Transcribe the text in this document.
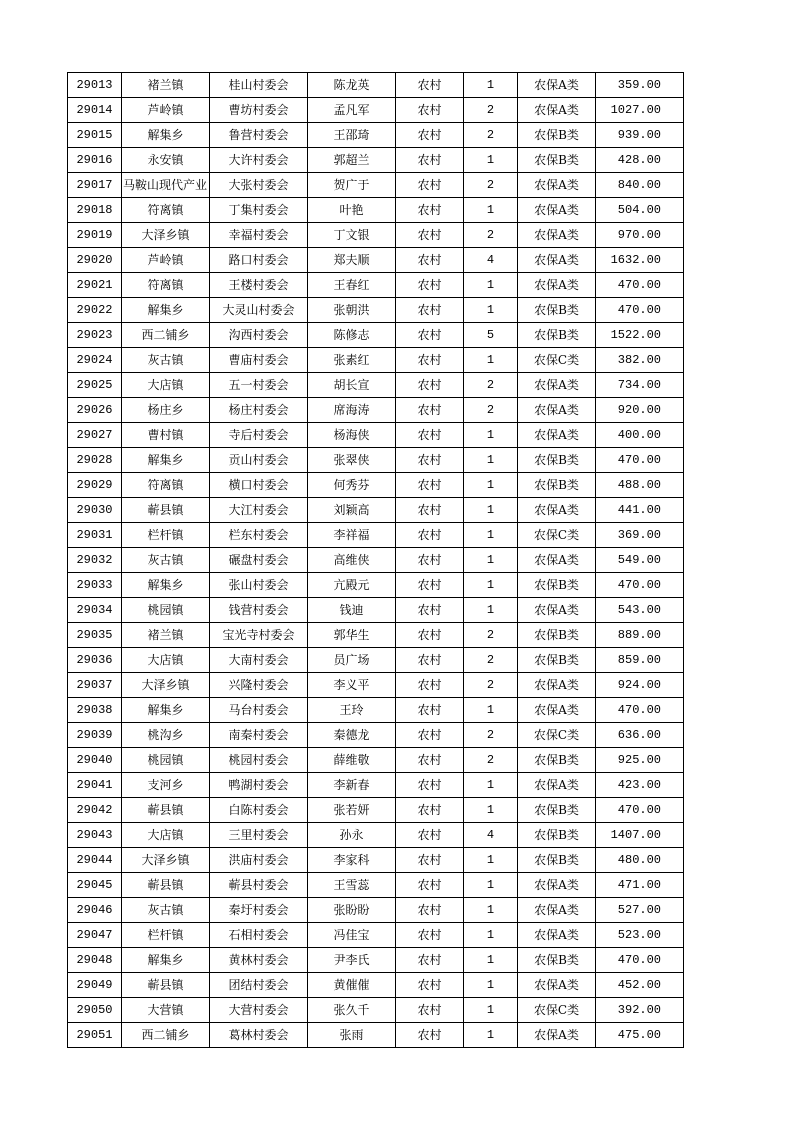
29013	褚兰镇	桂山村委会	陈龙英	农村	1	农保A类	359.00
29014	芦岭镇	曹坊村委会	孟凡军	农村	2	农保A类	1027.00
29015	解集乡	鲁营村委会	王邵琦	农村	2	农保B类	939.00
29016	永安镇	大许村委会	郭超兰	农村	1	农保B类	428.00
29017	马鞍山现代产业	大张村委会	贺广于	农村	2	农保A类	840.00
29018	符离镇	丁集村委会	叶艳	农村	1	农保A类	504.00
29019	大泽乡镇	幸福村委会	丁文银	农村	2	农保A类	970.00
29020	芦岭镇	路口村委会	郑夫顺	农村	4	农保A类	1632.00
29021	符离镇	王楼村委会	王春红	农村	1	农保A类	470.00
29022	解集乡	大灵山村委会	张朝洪	农村	1	农保B类	470.00
29023	西二铺乡	沟西村委会	陈修志	农村	5	农保B类	1522.00
29024	灰古镇	曹庙村委会	张素红	农村	1	农保C类	382.00
29025	大店镇	五一村委会	胡长宣	农村	2	农保A类	734.00
29026	杨庄乡	杨庄村委会	席海涛	农村	2	农保A类	920.00
29027	曹村镇	寺后村委会	杨海侠	农村	1	农保A类	400.00
29028	解集乡	贡山村委会	张翠侠	农村	1	农保B类	470.00
29029	符离镇	横口村委会	何秀芬	农村	1	农保B类	488.00
29030	蕲县镇	大江村委会	刘颖高	农村	1	农保A类	441.00
29031	栏杆镇	栏东村委会	李祥福	农村	1	农保C类	369.00
29032	灰古镇	碾盘村委会	高维侠	农村	1	农保A类	549.00
29033	解集乡	张山村委会	亢殿元	农村	1	农保B类	470.00
29034	桃园镇	钱营村委会	钱迪	农村	1	农保A类	543.00
29035	褚兰镇	宝光寺村委会	郭华生	农村	2	农保B类	889.00
29036	大店镇	大南村委会	员广场	农村	2	农保B类	859.00
29037	大泽乡镇	兴隆村委会	李义平	农村	2	农保A类	924.00
29038	解集乡	马台村委会	王玲	农村	1	农保A类	470.00
29039	桃沟乡	南秦村委会	秦德龙	农村	2	农保C类	636.00
29040	桃园镇	桃园村委会	薛维敬	农村	2	农保B类	925.00
29041	支河乡	鸭湖村委会	李新春	农村	1	农保A类	423.00
29042	蕲县镇	白陈村委会	张若妍	农村	1	农保B类	470.00
29043	大店镇	三里村委会	孙永	农村	4	农保B类	1407.00
29044	大泽乡镇	洪庙村委会	李家科	农村	1	农保B类	480.00
29045	蕲县镇	蕲县村委会	王雪蕊	农村	1	农保A类	471.00
29046	灰古镇	秦圩村委会	张盼盼	农村	1	农保A类	527.00
29047	栏杆镇	石相村委会	冯佳宝	农村	1	农保A类	523.00
29048	解集乡	黄林村委会	尹李氏	农村	1	农保B类	470.00
29049	蕲县镇	团结村委会	黄催催	农村	1	农保A类	452.00
29050	大营镇	大营村委会	张久千	农村	1	农保C类	392.00
29051	西二铺乡	葛林村委会	张雨	农村	1	农保A类	475.00
